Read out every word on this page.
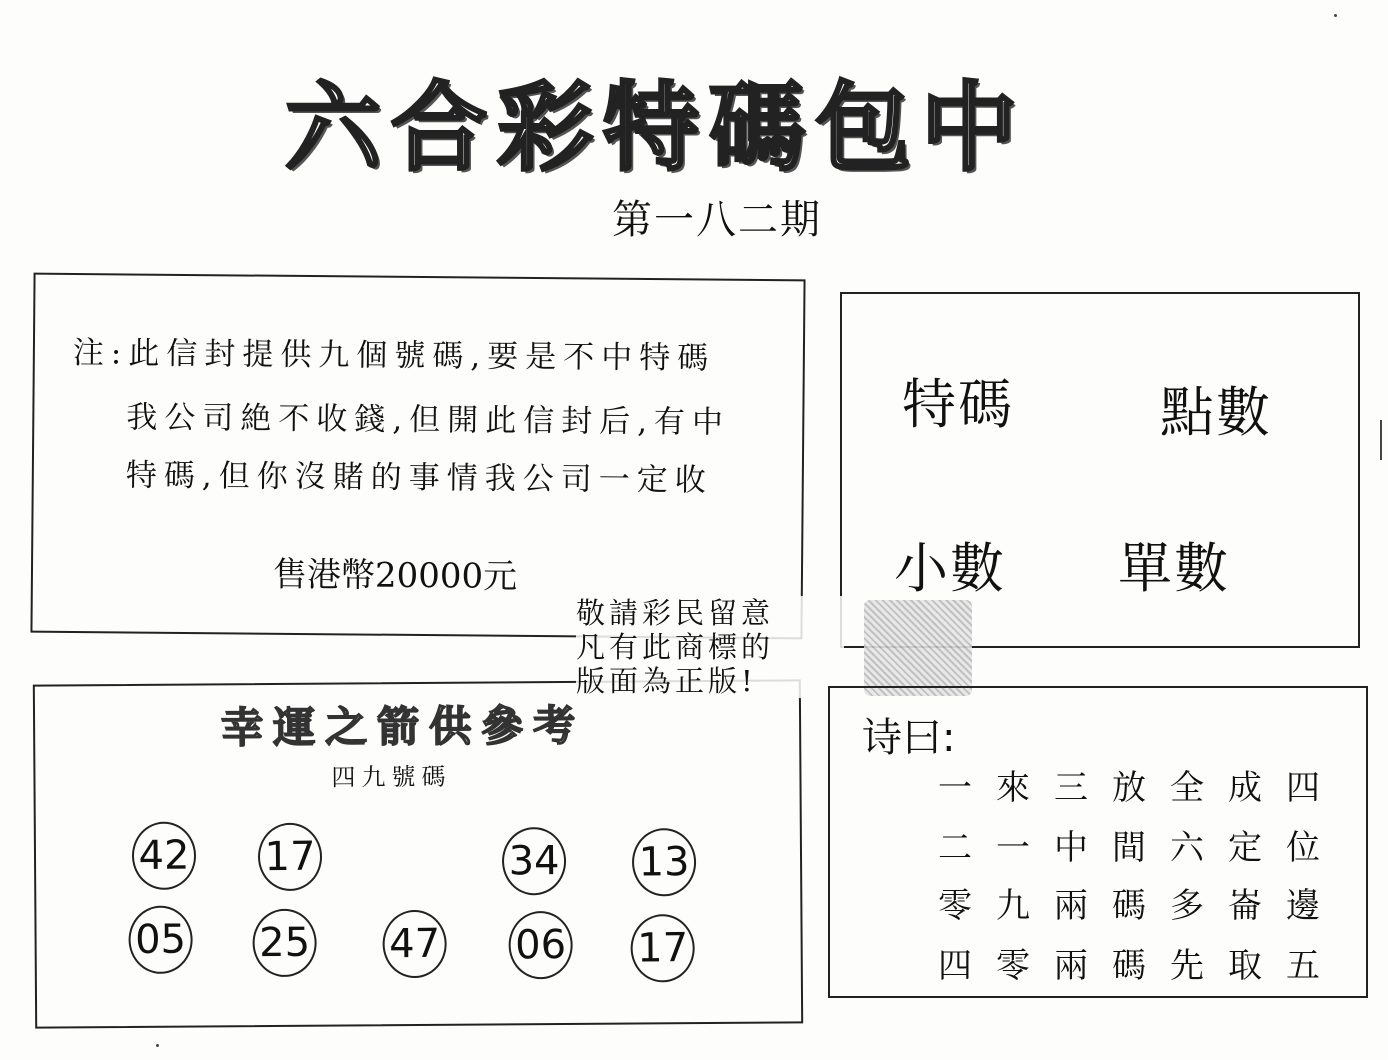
六合彩特碼包中
第一八二期
注:此信封提供九個號碼,要是不中特碼
我公司絶不收錢,但開此信封后,有中
特碼,但你沒賭的事情我公司一定收
售港幣20000元
特碼	點數
小數 單數
幸運之箭供參考
四九號碼
42 17	34 13
05 25 47 06 17
敬請彩民留意
凡有此商標的
版面為正版!
诗曰:
一來三放全成四
二一中間六定位
零九兩碼多崙邊
四零兩碼先取五
